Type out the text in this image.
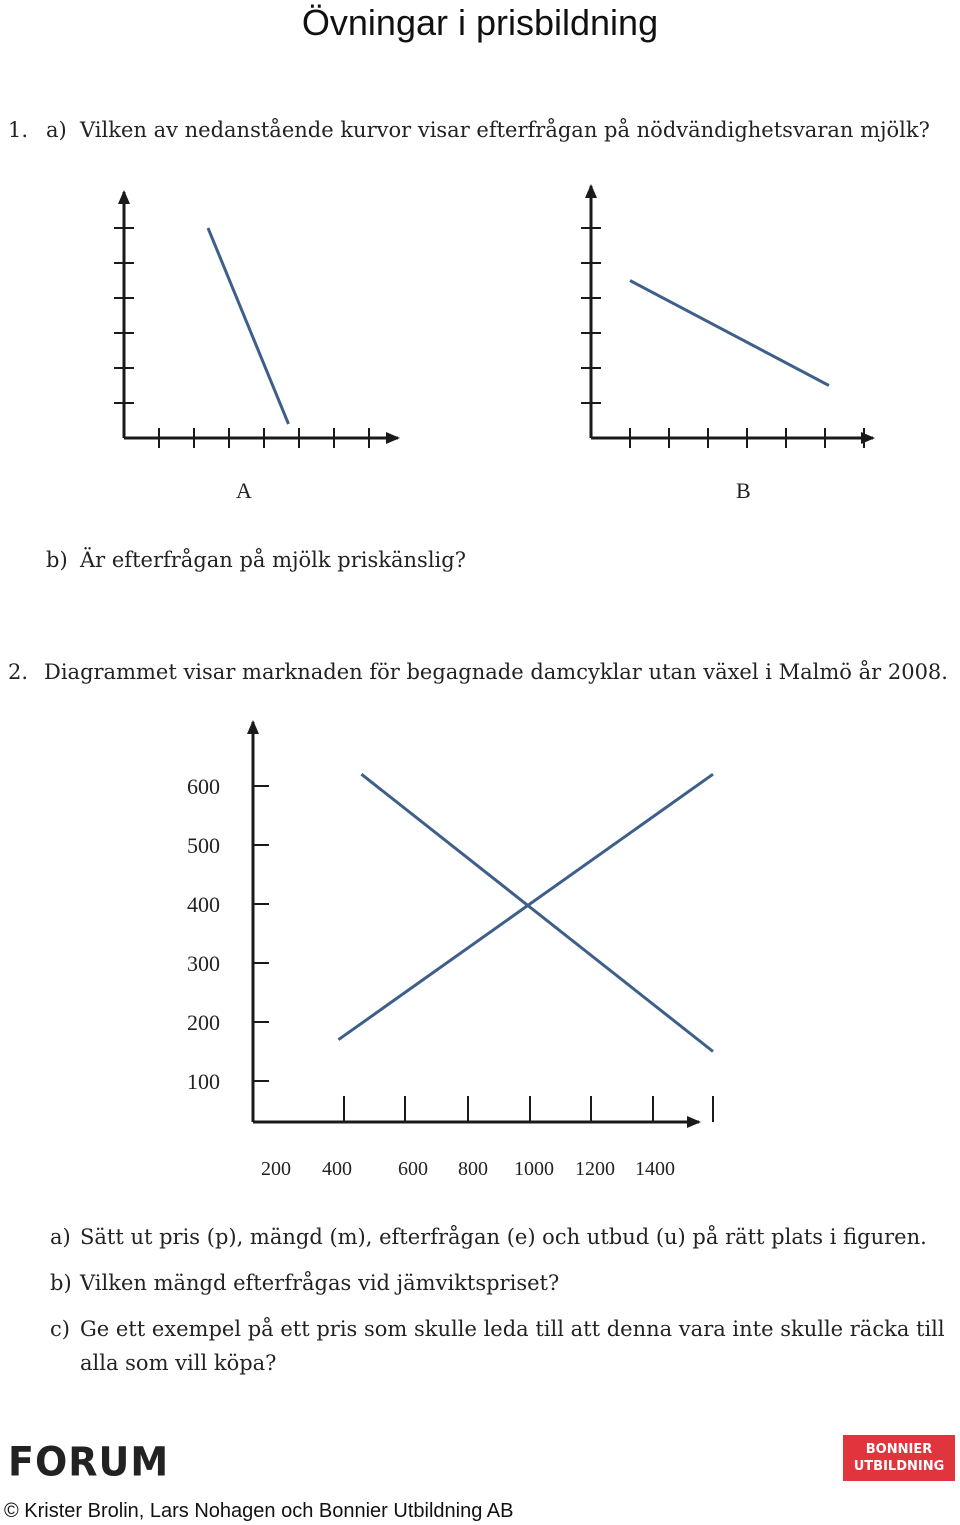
Övningar i prisbildning
1. a) Vilken av nedanstående kurvor visar efterfrågan på nödvändighetsvaran mjölk?
A	B
b) Är efterfrågan på mjölk priskänslig?
2. Diagrammet visar marknaden för begagnade damcyklar utan växel i Malmö år 2008.
100
200
300
400
500
600
200 400 600 800 1000 1200 1400
a) Sätt ut pris (p), mängd (m), efterfrågan (e) och utbud (u) på rätt plats i figuren.
b) Vilken mängd efterfrågas vid jämviktspriset?
c) Ge ett exempel på ett pris som skulle leda till att denna vara inte skulle räcka till
alla som vill köpa?
FORUM	BONNIER
UTBILDNING
© Krister Brolin, Lars Nohagen och Bonnier Utbildning AB
